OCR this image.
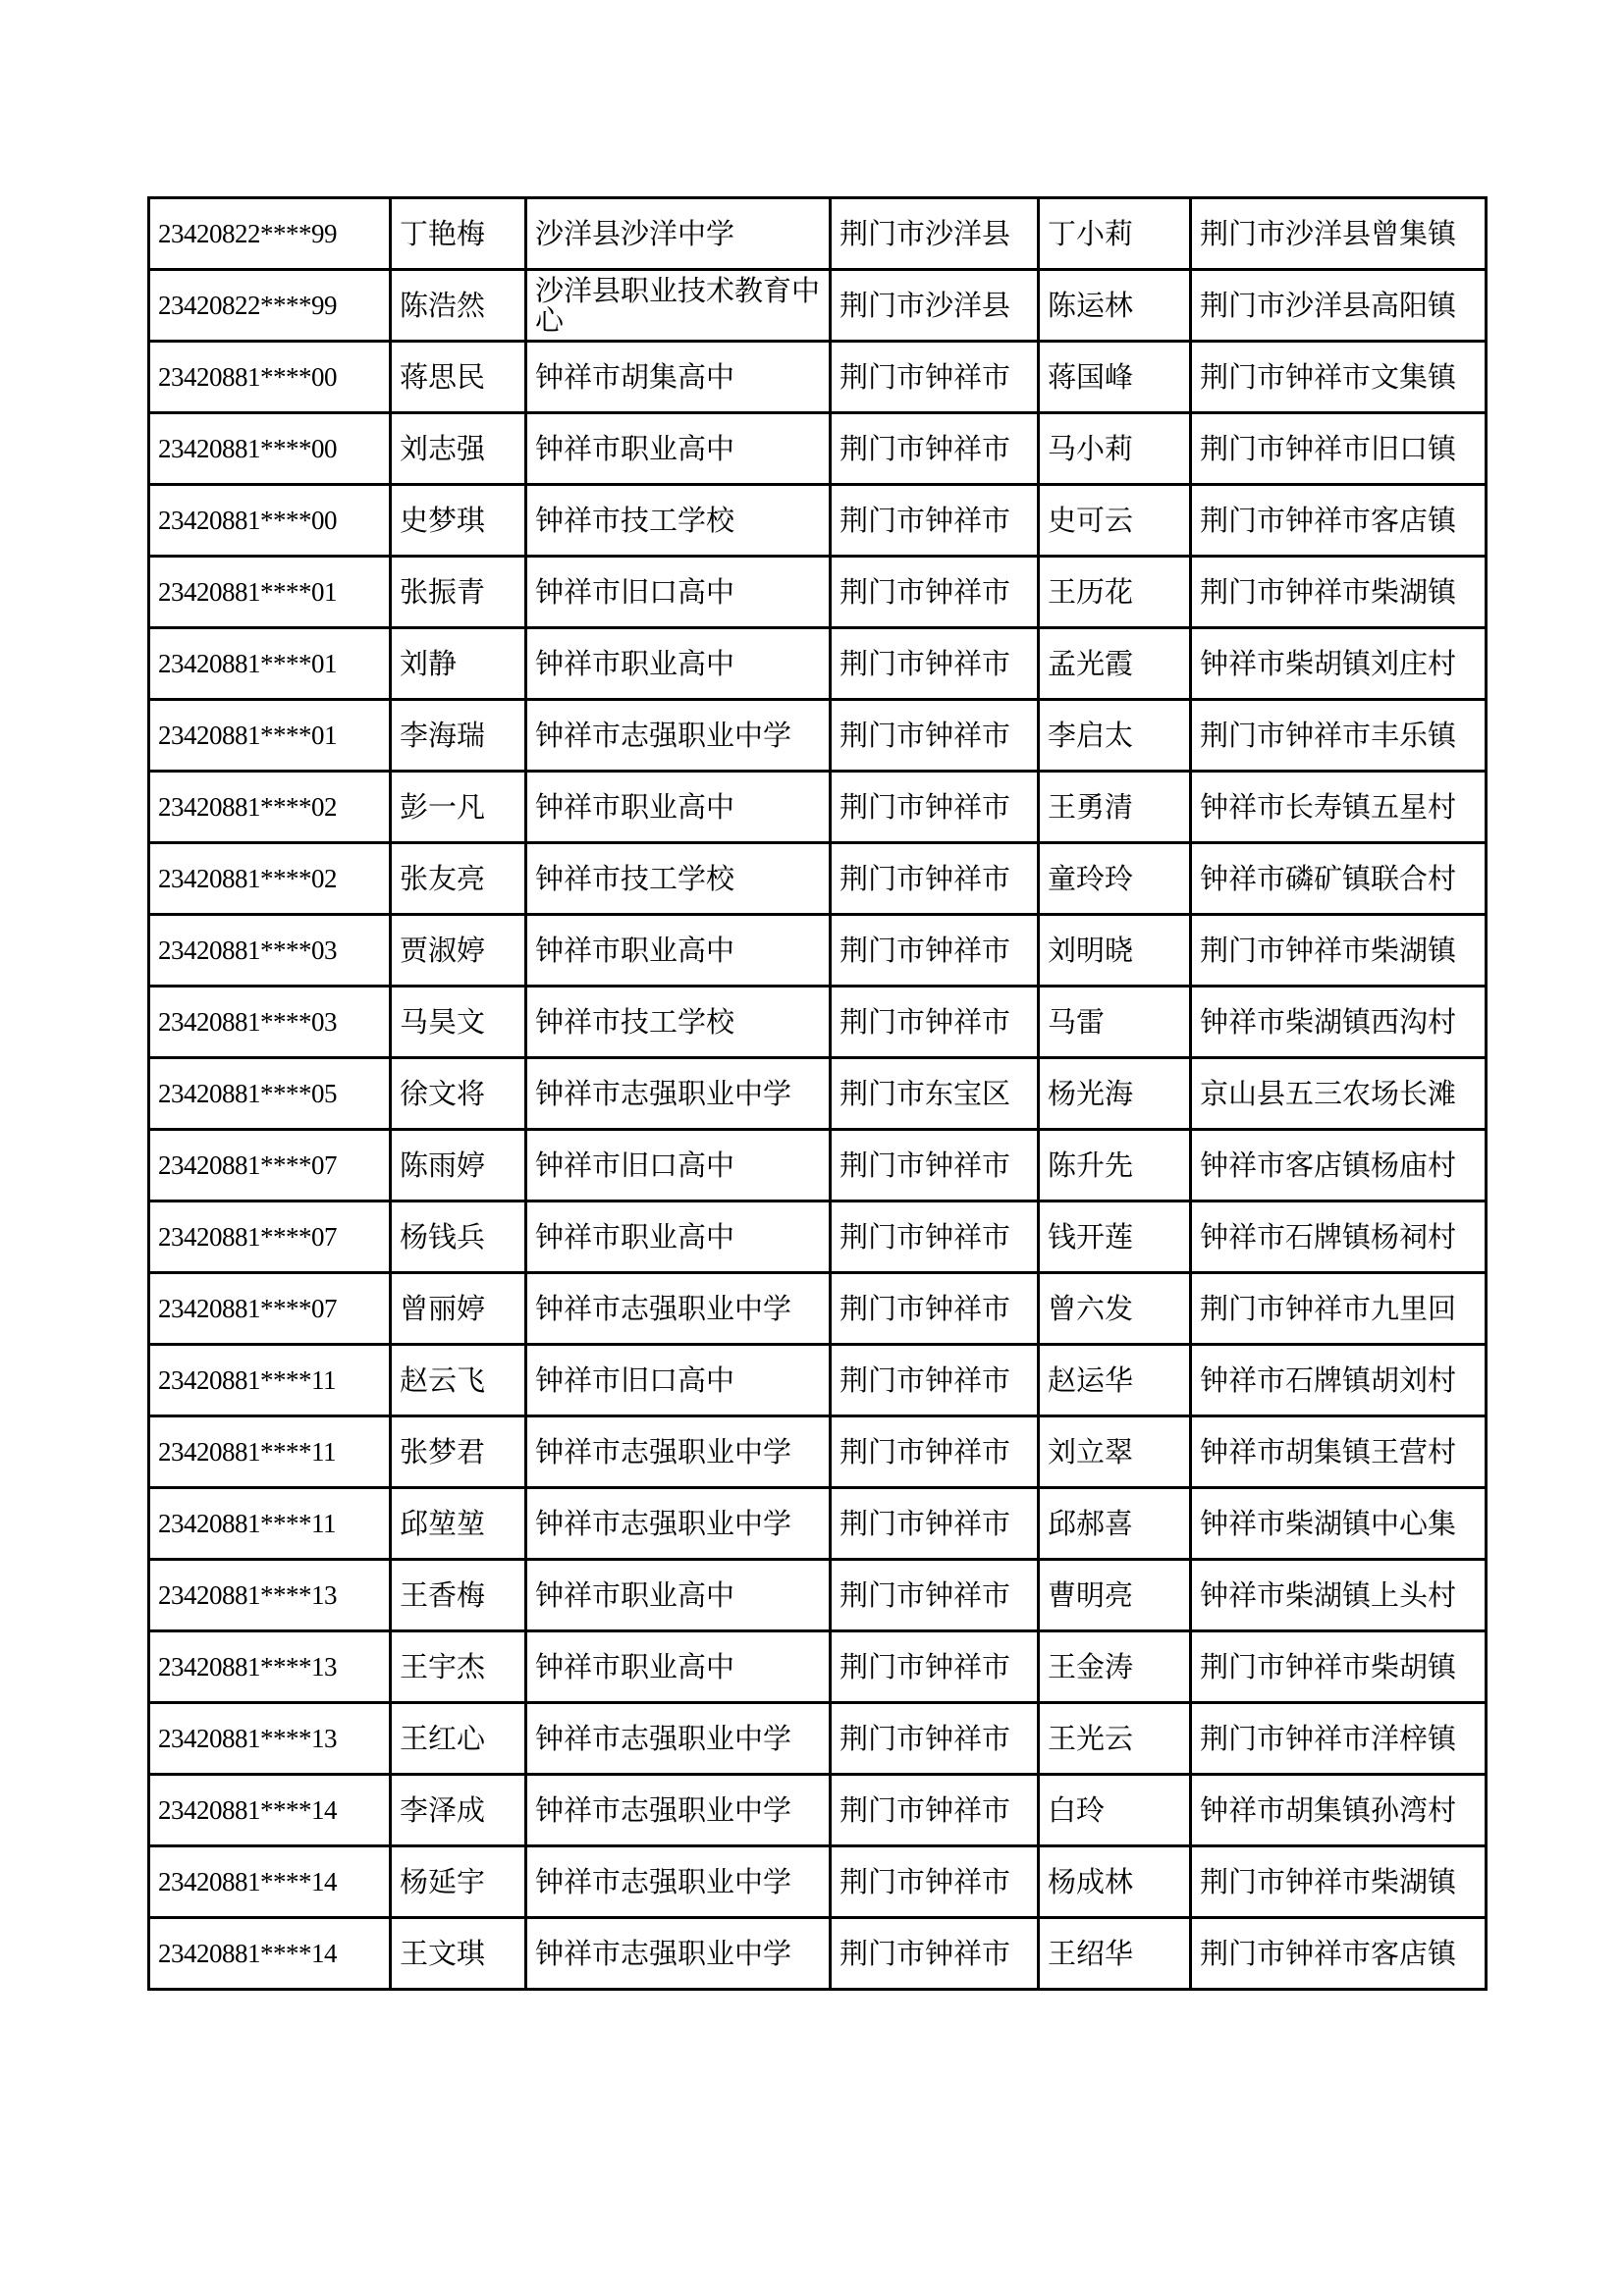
23420822****99	丁艳梅	沙洋县沙洋中学	荆门市沙洋县	丁小莉	荆门市沙洋县曾集镇
23420822****99	陈浩然	沙洋县职业技术教育中心	荆门市沙洋县	陈运林	荆门市沙洋县高阳镇
23420881****00	蒋思民	钟祥市胡集高中	荆门市钟祥市	蒋国峰	荆门市钟祥市文集镇
23420881****00	刘志强	钟祥市职业高中	荆门市钟祥市	马小莉	荆门市钟祥市旧口镇
23420881****00	史梦琪	钟祥市技工学校	荆门市钟祥市	史可云	荆门市钟祥市客店镇
23420881****01	张振青	钟祥市旧口高中	荆门市钟祥市	王历花	荆门市钟祥市柴湖镇
23420881****01	刘静	钟祥市职业高中	荆门市钟祥市	孟光霞	钟祥市柴胡镇刘庄村
23420881****01	李海瑞	钟祥市志强职业中学	荆门市钟祥市	李启太	荆门市钟祥市丰乐镇
23420881****02	彭一凡	钟祥市职业高中	荆门市钟祥市	王勇清	钟祥市长寿镇五星村
23420881****02	张友亮	钟祥市技工学校	荆门市钟祥市	童玲玲	钟祥市磷矿镇联合村
23420881****03	贾淑婷	钟祥市职业高中	荆门市钟祥市	刘明晓	荆门市钟祥市柴湖镇
23420881****03	马昊文	钟祥市技工学校	荆门市钟祥市	马雷	钟祥市柴湖镇西沟村
23420881****05	徐文将	钟祥市志强职业中学	荆门市东宝区	杨光海	京山县五三农场长滩
23420881****07	陈雨婷	钟祥市旧口高中	荆门市钟祥市	陈升先	钟祥市客店镇杨庙村
23420881****07	杨钱兵	钟祥市职业高中	荆门市钟祥市	钱开莲	钟祥市石牌镇杨祠村
23420881****07	曾丽婷	钟祥市志强职业中学	荆门市钟祥市	曾六发	荆门市钟祥市九里回
23420881****11	赵云飞	钟祥市旧口高中	荆门市钟祥市	赵运华	钟祥市石牌镇胡刘村
23420881****11	张梦君	钟祥市志强职业中学	荆门市钟祥市	刘立翠	钟祥市胡集镇王营村
23420881****11	邱堃堃	钟祥市志强职业中学	荆门市钟祥市	邱郝喜	钟祥市柴湖镇中心集
23420881****13	王香梅	钟祥市职业高中	荆门市钟祥市	曹明亮	钟祥市柴湖镇上头村
23420881****13	王宇杰	钟祥市职业高中	荆门市钟祥市	王金涛	荆门市钟祥市柴胡镇
23420881****13	王红心	钟祥市志强职业中学	荆门市钟祥市	王光云	荆门市钟祥市洋梓镇
23420881****14	李泽成	钟祥市志强职业中学	荆门市钟祥市	白玲	钟祥市胡集镇孙湾村
23420881****14	杨延宇	钟祥市志强职业中学	荆门市钟祥市	杨成林	荆门市钟祥市柴湖镇
23420881****14	王文琪	钟祥市志强职业中学	荆门市钟祥市	王绍华	荆门市钟祥市客店镇
